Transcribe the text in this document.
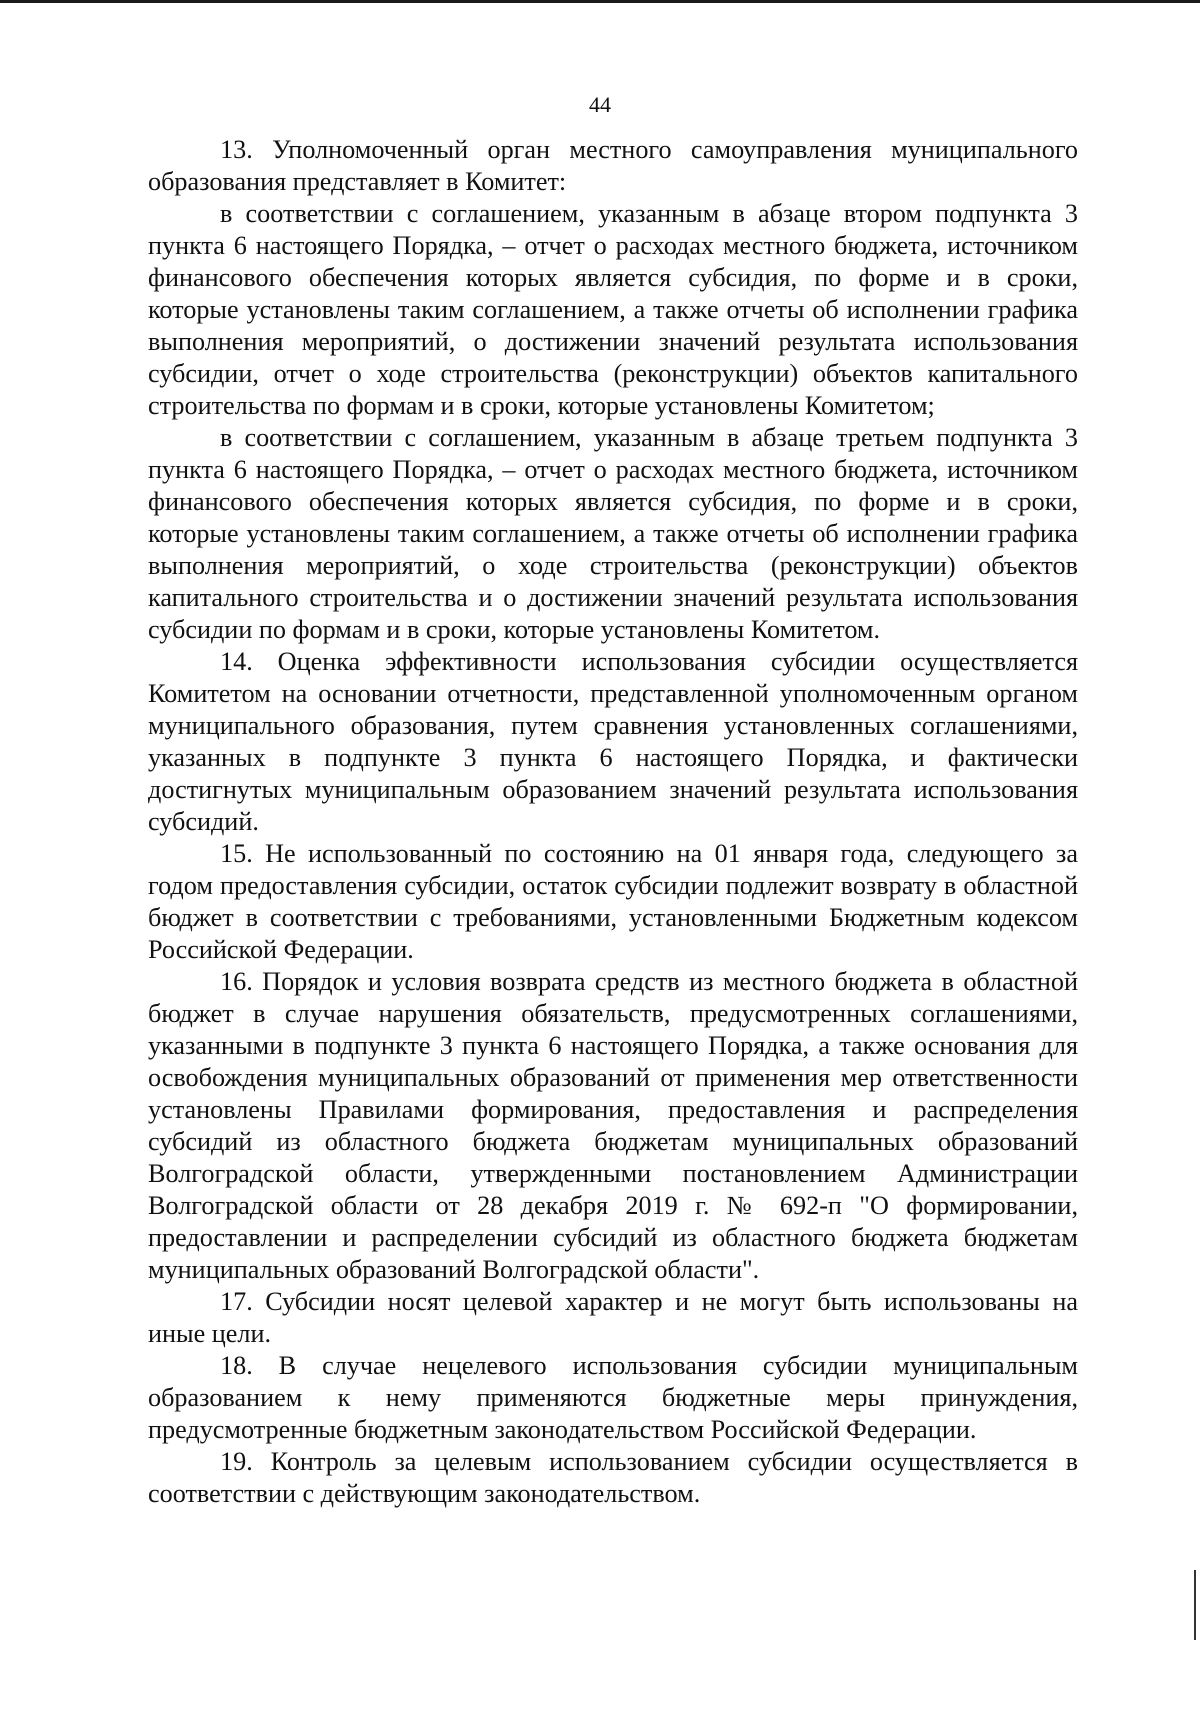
44

13. Уполномоченный орган местного самоуправления муниципального образования представляет в Комитет:

в соответствии с соглашением, указанным в абзаце втором подпункта 3 пункта 6 настоящего Порядка, – отчет о расходах местного бюджета, источником финансового обеспечения которых является субсидия, по форме и в сроки, которые установлены таким соглашением, а также отчеты об исполнении графика выполнения мероприятий, о достижении значений результата использования субсидии, отчет о ходе строительства (реконструкции) объектов капитального строительства по формам и в сроки, которые установлены Комитетом;

в соответствии с соглашением, указанным в абзаце третьем подпункта 3 пункта 6 настоящего Порядка, – отчет о расходах местного бюджета, источником финансового обеспечения которых является субсидия, по форме и в сроки, которые установлены таким соглашением, а также отчеты об исполнении графика выполнения мероприятий, о ходе строительства (реконструкции) объектов капитального строительства и о достижении значений результата использования субсидии по формам и в сроки, которые установлены Комитетом.

14. Оценка эффективности использования субсидии осуществляется Комитетом на основании отчетности, представленной уполномоченным органом муниципального образования, путем сравнения установленных соглашениями, указанных в подпункте 3 пункта 6 настоящего Порядка, и фактически достигнутых муниципальным образованием значений результата использования субсидий.

15. Не использованный по состоянию на 01 января года, следующего за годом предоставления субсидии, остаток субсидии подлежит возврату в областной бюджет в соответствии с требованиями, установленными Бюджетным кодексом Российской Федерации.

16. Порядок и условия возврата средств из местного бюджета в областной бюджет в случае нарушения обязательств, предусмотренных соглашениями, указанными в подпункте 3 пункта 6 настоящего Порядка, а также основания для освобождения муниципальных образований от применения мер ответственности установлены Правилами формирования, предоставления и распределения субсидий из областного бюджета бюджетам муниципальных образований Волгоградской области, утвержденными постановлением Администрации Волгоградской области от 28 декабря 2019 г. № 692-п "О формировании, предоставлении и распределении субсидий из областного бюджета бюджетам муниципальных образований Волгоградской области".

17. Субсидии носят целевой характер и не могут быть использованы на иные цели.

18. В случае нецелевого использования субсидии муниципальным образованием к нему применяются бюджетные меры принуждения, предусмотренные бюджетным законодательством Российской Федерации.

19. Контроль за целевым использованием субсидии осуществляется в соответствии с действующим законодательством.
